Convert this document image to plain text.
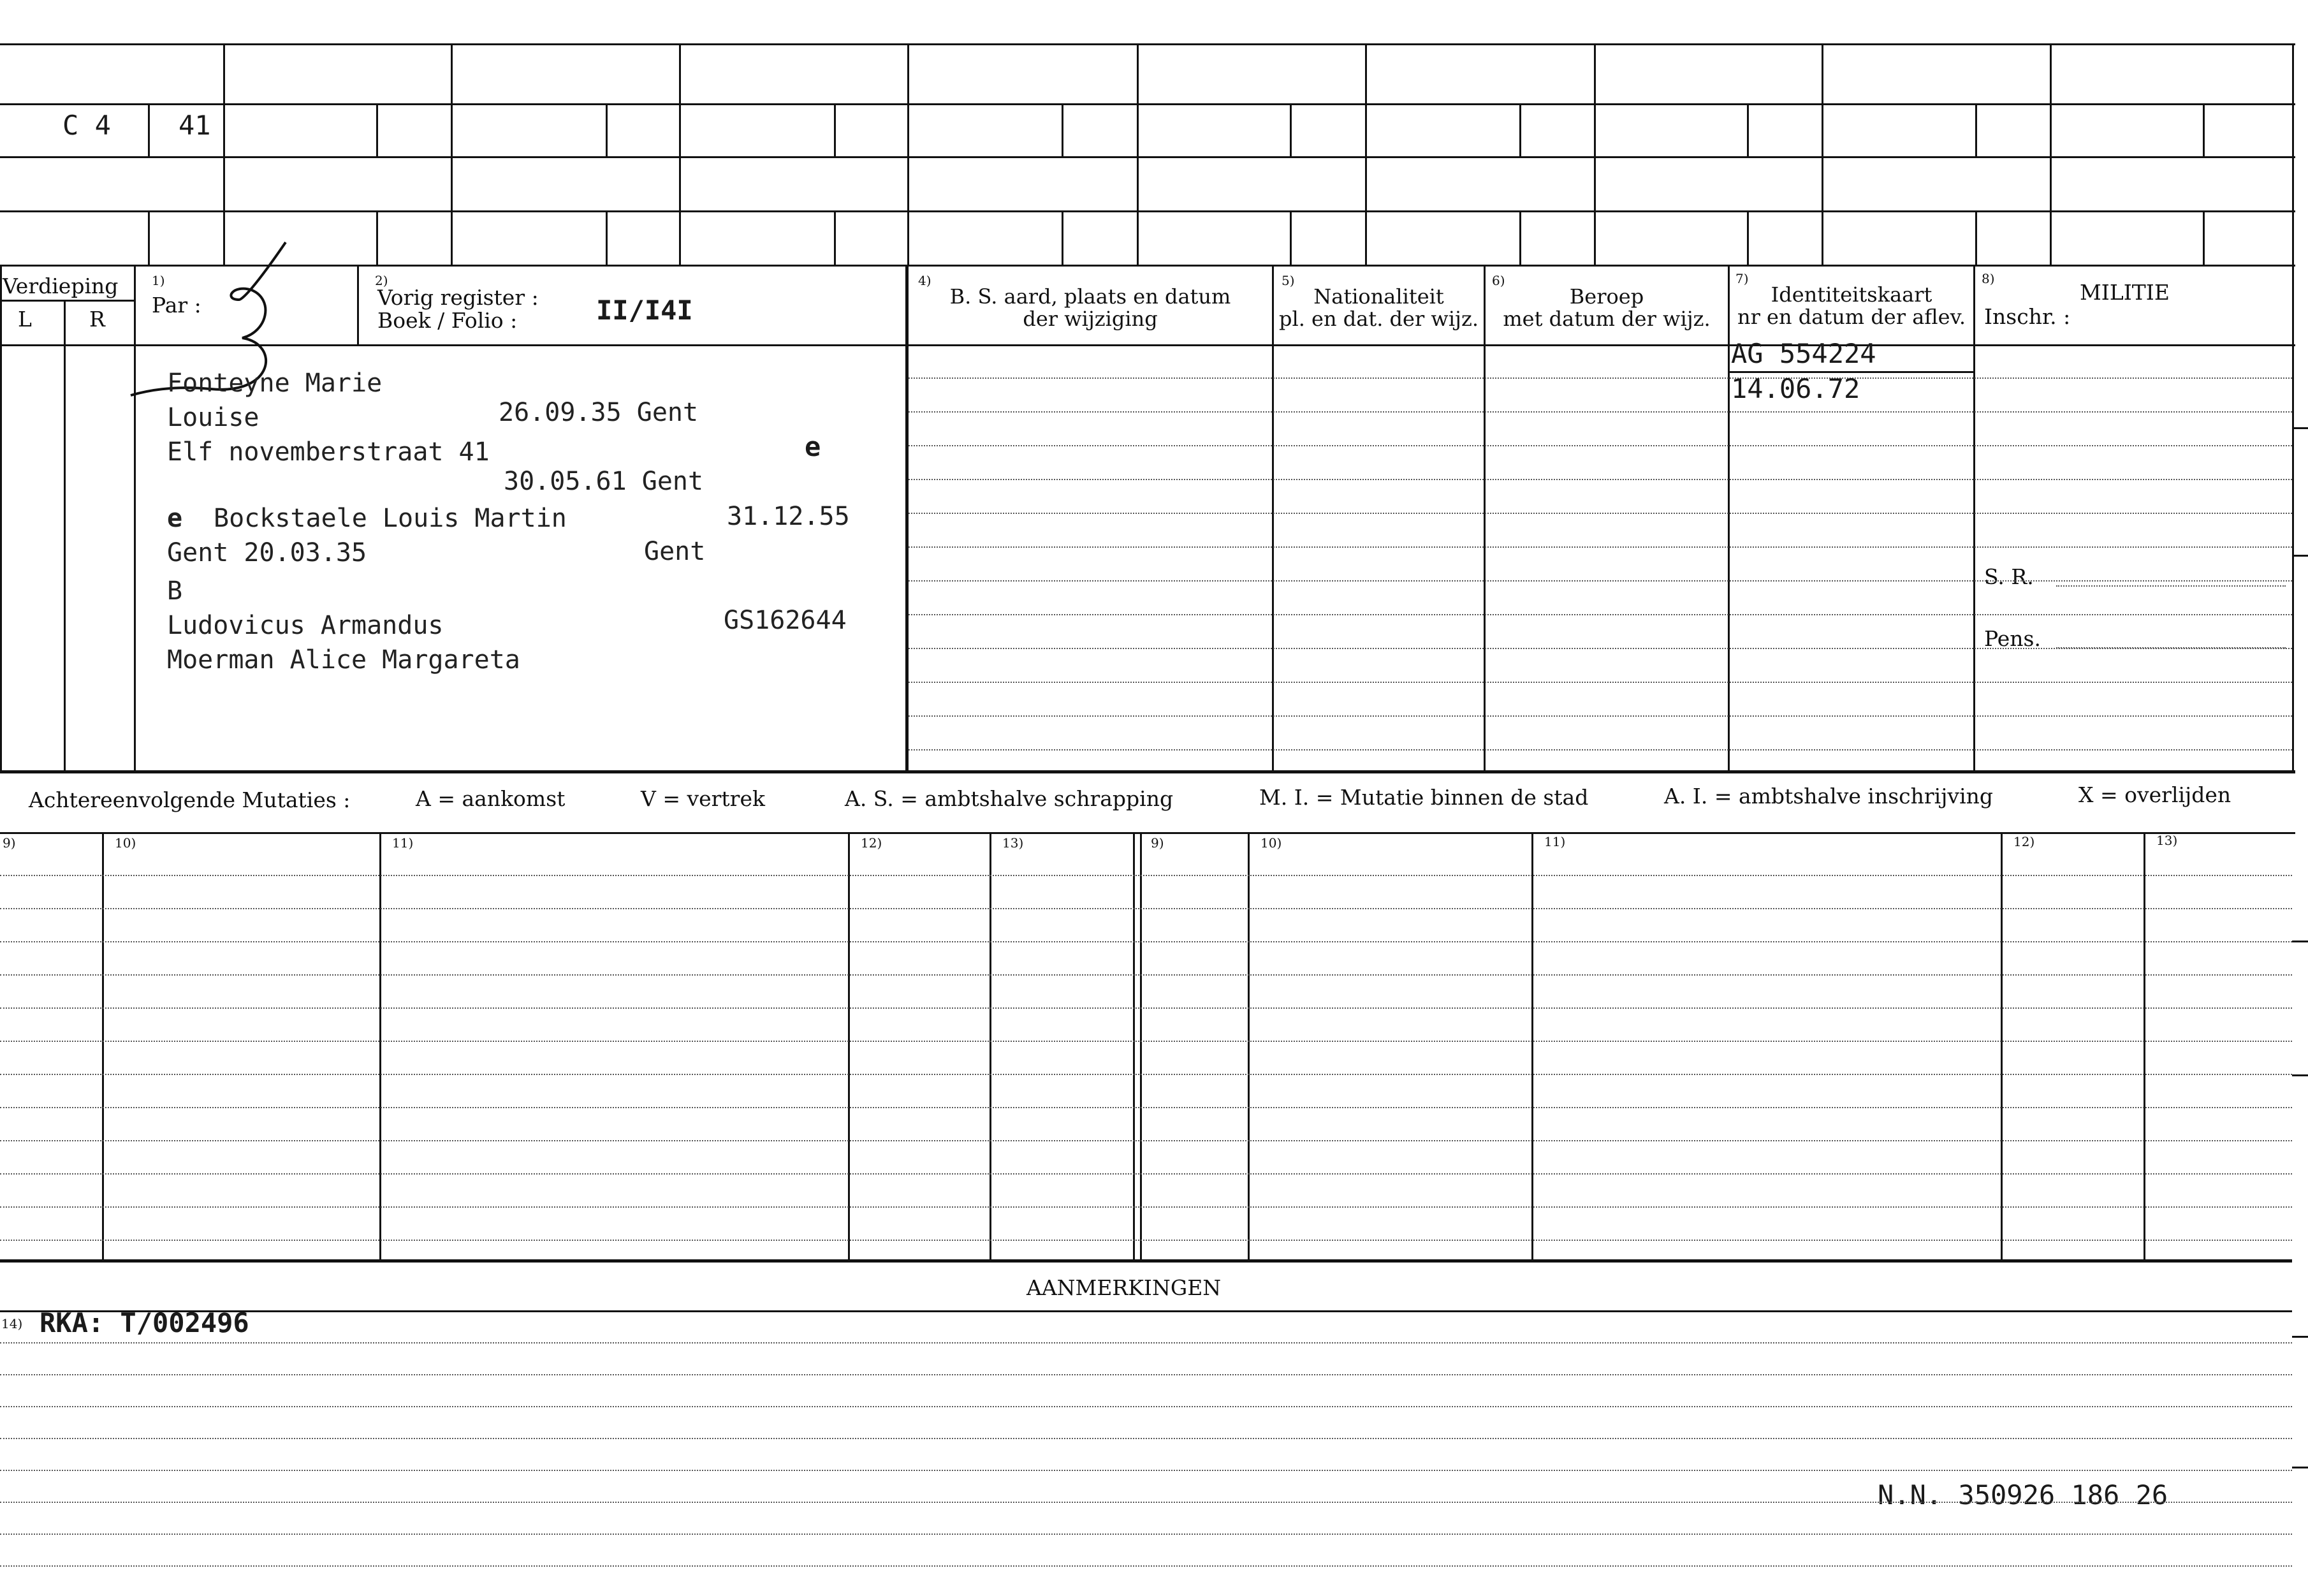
C 4	41
Verdieping
L	R
1)
Par :
2)
Vorig register :
Boek / Folio :	II/I4I
4)
B. S. aard, plaats en datum
der wijziging
5)
Nationaliteit
pl. en dat. der wijz.
6)
Beroep
met datum der wijz.
7)
Identiteitskaart
nr en datum der aflev.
8)
MILITIE
Inschr. :
S. R.
Pens.
AG 554224
14.06.72
Fonteyne Marie
Louise	26.09.35 Gent
Elf novemberstraat 41	e
30.05.61 Gent
e Bockstaele Louis Martin	31.12.55
Gent 20.03.35	Gent
B
Ludovicus Armandus	GS162644
Moerman Alice Margareta
Achtereenvolgende Mutaties :	A = aankomst	V = vertrek	A. S. = ambtshalve schrapping	M. I. = Mutatie binnen de stad	A. I. = ambtshalve inschrijving	X = overlijden
9)	10)	11)	12)	13)	9)	10)	11)	12)	13)
AANMERKINGEN
14) RKA: T/002496
N.N. 350926 186 26
